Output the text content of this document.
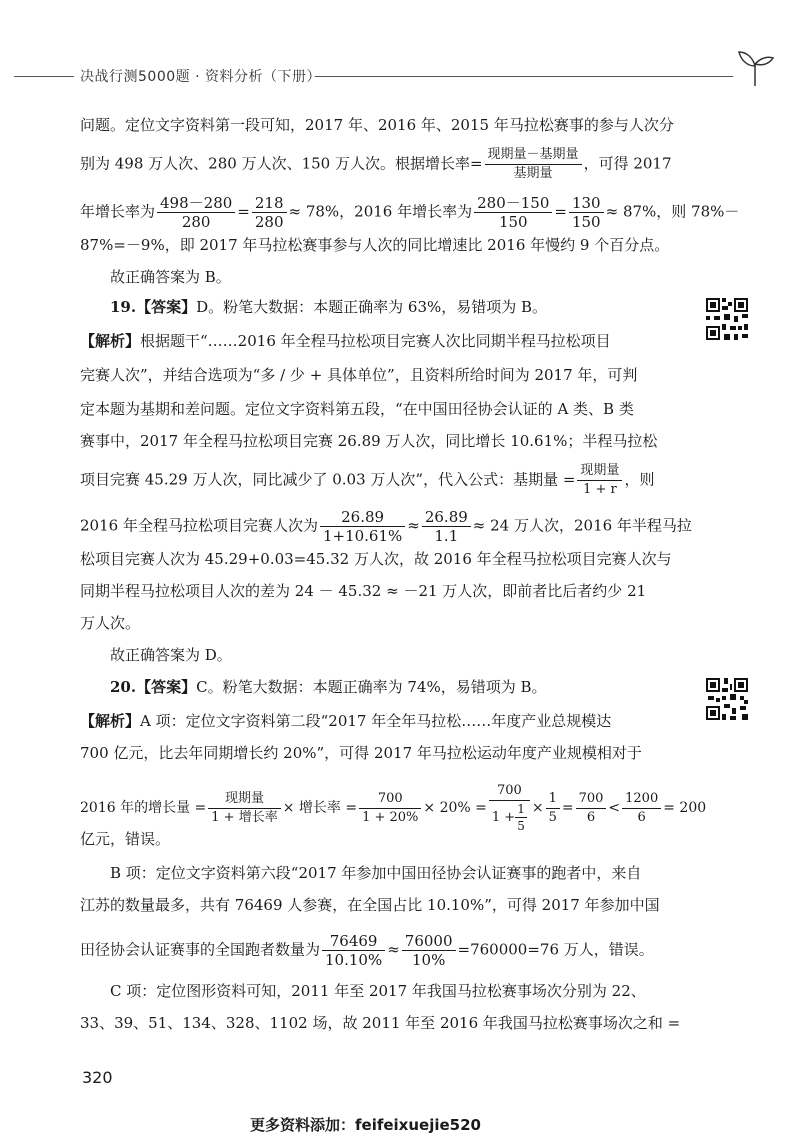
决战行测5000题 · 资料分析（下册）
问题。定位文字资料第一段可知，2017 年、2016 年、2015 年马拉松赛事的参与人次分
别为 498 万人次、280 万人次、150 万人次。根据增长率= $\frac{\text{现期量－基期量}}{\text{基期量}}$ ，可得 2017
年增长率为 $\frac{498-280}{280} = \frac{218}{280} \approx 78\%$，2016 年增长率为 $\frac{280-150}{150} = \frac{130}{150} \approx 87\%$，则 78%－
87%=－9%，即 2017 年马拉松赛事参与人次的同比增速比 2016 年慢约 9 个百分点。
故正确答案为 B。
19.【答案】D。粉笔大数据：本题正确率为 63%，易错项为 B。
【解析】根据题干“……2016 年全程马拉松项目完赛人次比同期半程马拉松项目
完赛人次”，并结合选项为“多 / 少 + 具体单位”，且资料所给时间为 2017 年，可判
定本题为基期和差问题。定位文字资料第五段，“在中国田径协会认证的 A 类、B 类
赛事中，2017 年全程马拉松项目完赛 26.89 万人次，同比增长 10.61%；半程马拉松
项目完赛 45.29 万人次，同比减少了 0.03 万人次”，代入公式：基期量 = $\frac{\text{现期量}}{1 + r}$ ，则
2016 年全程马拉松项目完赛人次为 $\frac{26.89}{1+10.61\%} \approx \frac{26.89}{1.1} \approx 24$ 万人次，2016 年半程马拉
松项目完赛人次为 45.29+0.03=45.32 万人次，故 2016 年全程马拉松项目完赛人次与
同期半程马拉松项目人次的差为 24 － 45.32 ≈ －21 万人次，即前者比后者约少 21
万人次。
故正确答案为 D。
20.【答案】C。粉笔大数据：本题正确率为 74%，易错项为 B。
【解析】A 项：定位文字资料第二段“2017 年全年马拉松……年度产业总规模达
700 亿元，比去年同期增长约 20%”，可得 2017 年马拉松运动年度产业规模相对于
2016 年的增长量 = $\frac{\text{现期量}}{\text{1 + 增长率}}$ × 增长率 = $\frac{700}{1 + 20\%} \times 20\% = \frac{700}{1 + \frac{1}{5}} \times \frac{1}{5} = \frac{700}{6} < \frac{1200}{6} = 200$
亿元，错误。
B 项：定位文字资料第六段“2017 年参加中国田径协会认证赛事的跑者中，来自
江苏的数量最多，共有 76469 人参赛，在全国占比 10.10%”，可得 2017 年参加中国
田径协会认证赛事的全国跑者数量为 $\frac{76469}{10.10\%} \approx \frac{76000}{10\%} =760000=76$ 万人，错误。
C 项：定位图形资料可知，2011 年至 2017 年我国马拉松赛事场次分别为 22、
33、39、51、134、328、1102 场，故 2011 年至 2016 年我国马拉松赛事场次之和 =
320
更多资料添加：feifeixuejie520
